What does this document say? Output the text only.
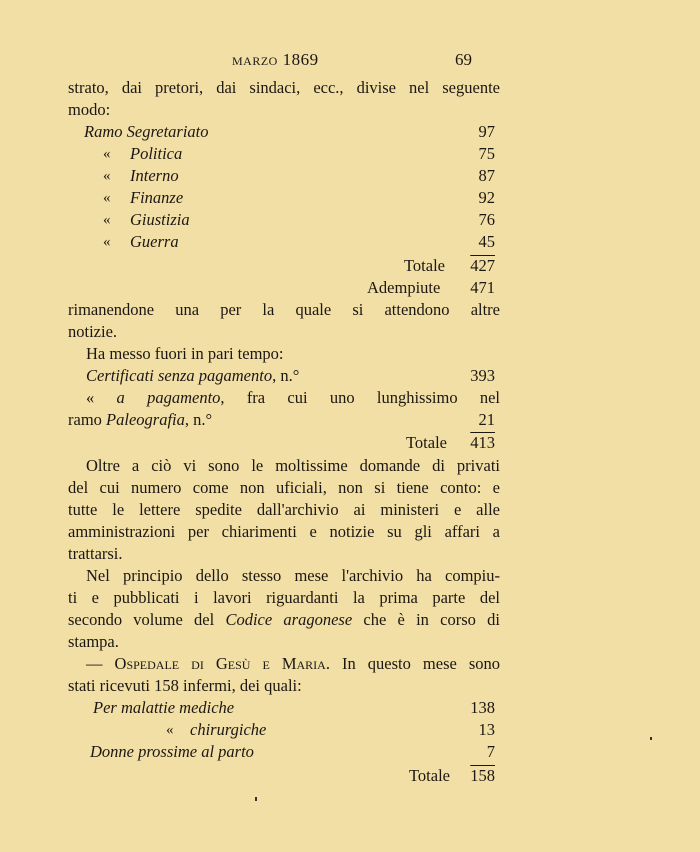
marzo 1869	69
strato, dai pretori, dai sindaci, ecc., divise nel seguente
modo:
Ramo Segretariato	97
« Politica	75
« Interno	87
« Finanze	92
« Giustizia	76
« Guerra	45
Totale 427
Adempiute 471
rimanendone una per la quale si attendono altre
notizie.
Ha messo fuori in pari tempo:
Certificati senza pagamento, n.°	393
« a pagamento, fra cui uno lunghissimo nel
ramo Paleografia, n.°	21
Totale 413
Oltre a ciò vi sono le moltissime domande di privati
del cui numero come non uficiali, non si tiene conto: e
tutte le lettere spedite dall'archivio ai ministeri e alle
amministrazioni per chiarimenti e notizie su gli affari a
trattarsi.
Nel principio dello stesso mese l'archivio ha compiu-
ti e pubblicati i lavori riguardanti la prima parte del
secondo volume del Codice aragonese che è in corso di
stampa.
— Ospedale di Gesù e Maria. In questo mese sono
stati ricevuti 158 infermi, dei quali:
Per malattie mediche	138
« chirurgiche	13
Donne prossime al parto	7
Totale 158
